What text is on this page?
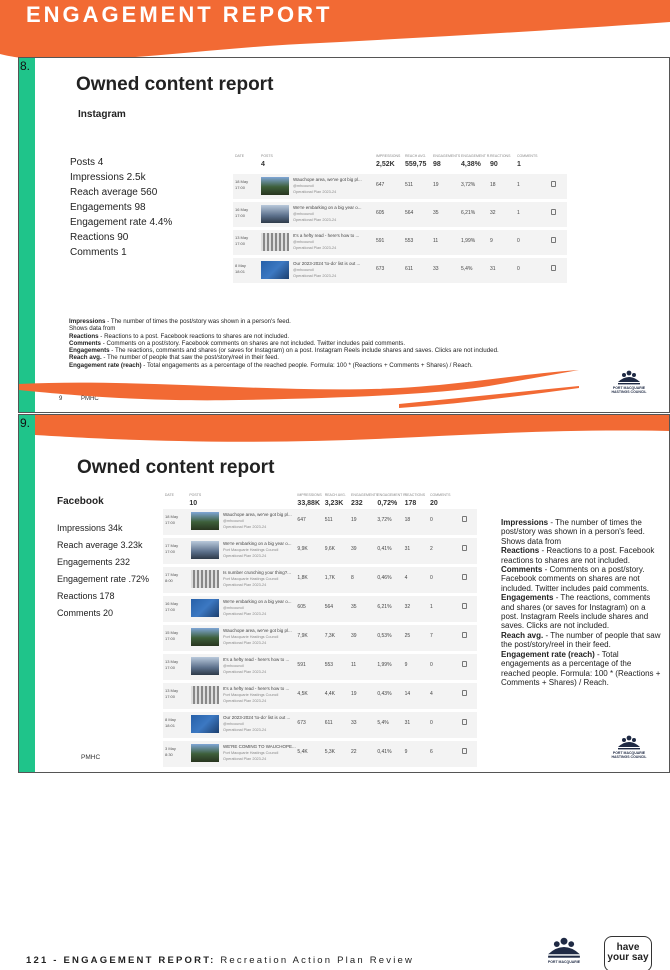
ENGAGEMENT REPORT
8.
Owned content report
Instagram
Posts 4
Impressions 2.5k
Reach average 560
Engagements 98
Engagement rate 4.4%
Reactions 90
Comments 1
DATE	POSTS
4
IMPRESSIONS
2,52K
REACH AVG.
559,75
ENGAGEMENTS
98
ENGAGEMENT R.
4,38%
REACTIONS
90
COMMENTS
1
18 May
17:00
Wauchope area, we've got big pl...
@mhcouncil
Operational Plan 2023-24
647	511	19	3,72%	18	1
16 May
17:00
We're embarking on a big year o...
@mhcouncil
Operational Plan 2023-24
605	564	35	6,21%	32	1
13 May
17:00
It's a hefty read - here's how to ...
@mhcouncil
Operational Plan 2023-24
591	553	11	1,99%	9	0
8 May
18:01
Our 2023-2024 'to-do' list is out ...
@mhcouncil
Operational Plan 2023-24
673	611	33	5,4%	31	0
Impressions - The number of times the post/story was shown in a person's feed.
Shows data from
Reactions - Reactions to a post. Facebook reactions to shares are not included.
Comments - Comments on a post/story. Facebook comments on shares are not included. Twitter includes paid comments.
Engagements - The reactions, comments and shares (or saves for Instagram) on a post. Instagram Reels include shares and saves. Clicks are not included.
Reach avg. - The number of people that saw the post/story/reel in their feed.
Engagement rate (reach) - Total engagements as a percentage of the reached people. Formula: 100 * (Reactions + Comments + Shares) / Reach.
9	PMHC
PORT MACQUARIE
HASTINGS COUNCIL
9.
Owned content report
Facebook
Impressions 34k
Reach average 3.23k
Engagements 232
Engagement rate .72%
Reactions 178
Comments 20
DATE	POSTS
10
IMPRESSIONS
33,88K
REACH AVG.
3,23K
ENGAGEMENTS
232
ENGAGEMENT R.
0,72%
REACTIONS
178
COMMENTS
20
18 May
17:00
Wauchope area, we've got big pl...
@mhcouncil
Operational Plan 2023-24
647	511	19	3,72%	18	0
17 May
17:00
We're embarking on a big year o...
Port Macquarie Hastings Council
Operational Plan 2023-24
9,9K	9,6K	39	0,41%	31	2
17 May
8:00
Is number crunching your thing?...
Port Macquarie Hastings Council
Operational Plan 2023-24
1,8K	1,7K	8	0,46%	4	0
16 May
17:00
We're embarking on a big year o...
@mhcouncil
Operational Plan 2023-24
605	564	35	6,21%	32	1
15 May
17:00
Wauchope area, we've got big pl...
Port Macquarie Hastings Council
Operational Plan 2023-24
7,9K	7,3K	39	0,53%	25	7
13 May
17:00
It's a hefty read - here's how to ...
@mhcouncil
Operational Plan 2023-24
591	553	11	1,99%	9	0
13 May
17:00
It's a hefty read - here's how to ...
Port Macquarie Hastings Council
Operational Plan 2023-24
4,5K	4,4K	19	0,43%	14	4
8 May
18:01
Our 2023-2024 'to-do' list is out ...
@mhcouncil
Operational Plan 2023-24
673	611	33	5,4%	31	0
3 May
8:30
WE'RE COMING TO WAUCHOPE...
Port Macquarie Hastings Council
Operational Plan 2023-24
5,4K	5,3K	22	0,41%	9	6
Impressions - The number of times the post/story was shown in a person's feed.
Shows data from
Reactions - Reactions to a post. Facebook reactions to shares are not included.
Comments - Comments on a post/story. Facebook comments on shares are not included. Twitter includes paid comments.
Engagements - The reactions, comments and shares (or saves for Instagram) on a post. Instagram Reels include shares and saves. Clicks are not included.
Reach avg. - The number of people that saw the post/story/reel in their feed.
Engagement rate (reach) - Total engagements as a percentage of the reached people. Formula: 100 * (Reactions + Comments + Shares) / Reach.
PMHC
PORT MACQUARIE
HASTINGS COUNCIL
121 - ENGAGEMENT REPORT: Recreation Action Plan Review	PORT MACQUARIE
have
your say
